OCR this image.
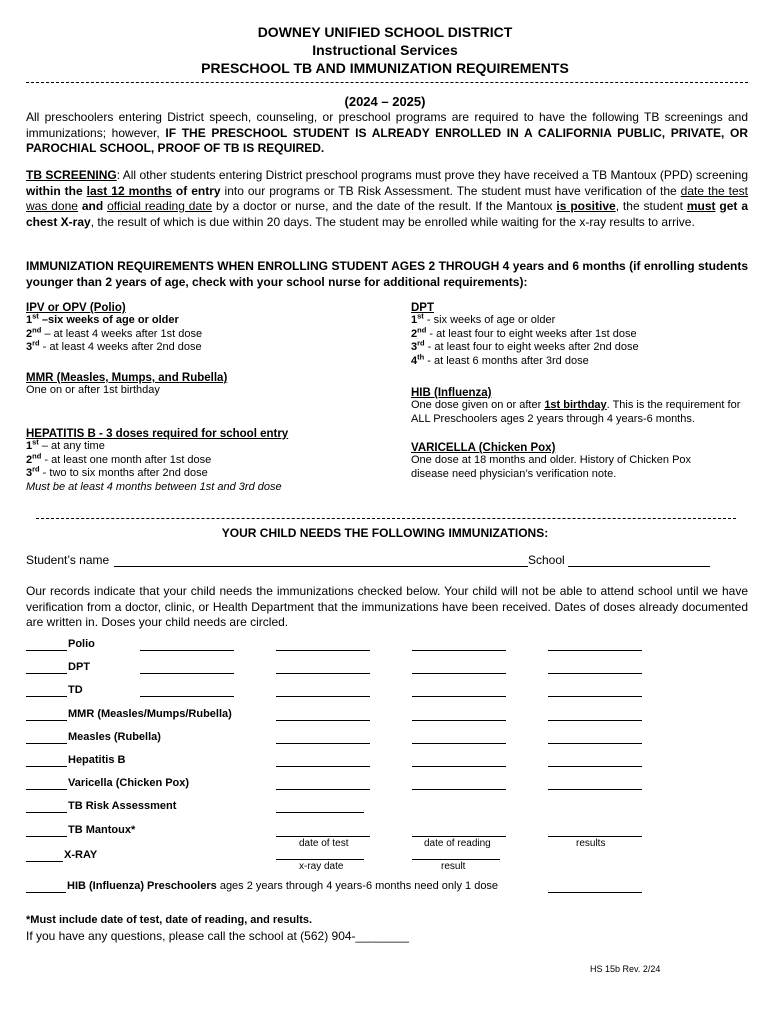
DOWNEY UNIFIED SCHOOL DISTRICT
Instructional Services
PRESCHOOL TB AND IMMUNIZATION REQUIREMENTS
(2024 – 2025)
All preschoolers entering District speech, counseling, or preschool programs are required to have the following TB screenings and immunizations; however, IF THE PRESCHOOL STUDENT IS ALREADY ENROLLED IN A CALIFORNIA PUBLIC, PRIVATE, OR PAROCHIAL SCHOOL, PROOF OF TB IS REQUIRED.
TB SCREENING: All other students entering District preschool programs must prove they have received a TB Mantoux (PPD) screening within the last 12 months of entry into our programs or TB Risk Assessment. The student must have verification of the date the test was done and official reading date by a doctor or nurse, and the date of the result. If the Mantoux is positive, the student must get a chest X-ray, the result of which is due within 20 days. The student may be enrolled while waiting for the x-ray results to arrive.
IMMUNIZATION REQUIREMENTS WHEN ENROLLING STUDENT AGES 2 THROUGH 4 years and 6 months (if enrolling students younger than 2 years of age, check with your school nurse for additional requirements):
IPV or OPV (Polio)
1st –six weeks of age or older
2nd – at least 4 weeks after 1st dose
3rd - at least 4 weeks after 2nd dose
MMR (Measles, Mumps, and Rubella)
One on or after 1st birthday
HEPATITIS B - 3 doses required for school entry
1st – at any time
2nd - at least one month after 1st dose
3rd - two to six months after 2nd dose
Must be at least 4 months between 1st and 3rd dose
DPT
1st - six weeks of age or older
2nd - at least four to eight weeks after 1st dose
3rd - at least four to eight weeks after 2nd dose
4th - at least 6 months after 3rd dose
HIB (Influenza)
One dose given on or after 1st birthday. This is the requirement for ALL Preschoolers ages 2 years through 4 years-6 months.
VARICELLA (Chicken Pox)
One dose at 18 months and older. History of Chicken Pox disease need physician’s verification note.
YOUR CHILD NEEDS THE FOLLOWING IMMUNIZATIONS:
Student’s name	School
Our records indicate that your child needs the immunizations checked below. Your child will not be able to attend school until we have verification from a doctor, clinic, or Health Department that the immunizations have been received. Dates of doses already documented are written in. Doses your child needs are circled.
Polio
DPT
TD
MMR (Measles/Mumps/Rubella)
Measles (Rubella)
Hepatitis B
Varicella (Chicken Pox)
TB Risk Assessment
TB Mantoux*
date of test	date of reading	results
X-RAY
x-ray date	result
HIB (Influenza) Preschoolers ages 2 years through 4 years-6 months need only 1 dose
*Must include date of test, date of reading, and results.
If you have any questions, please call the school at (562) 904-________
HS 15b Rev. 2/24
